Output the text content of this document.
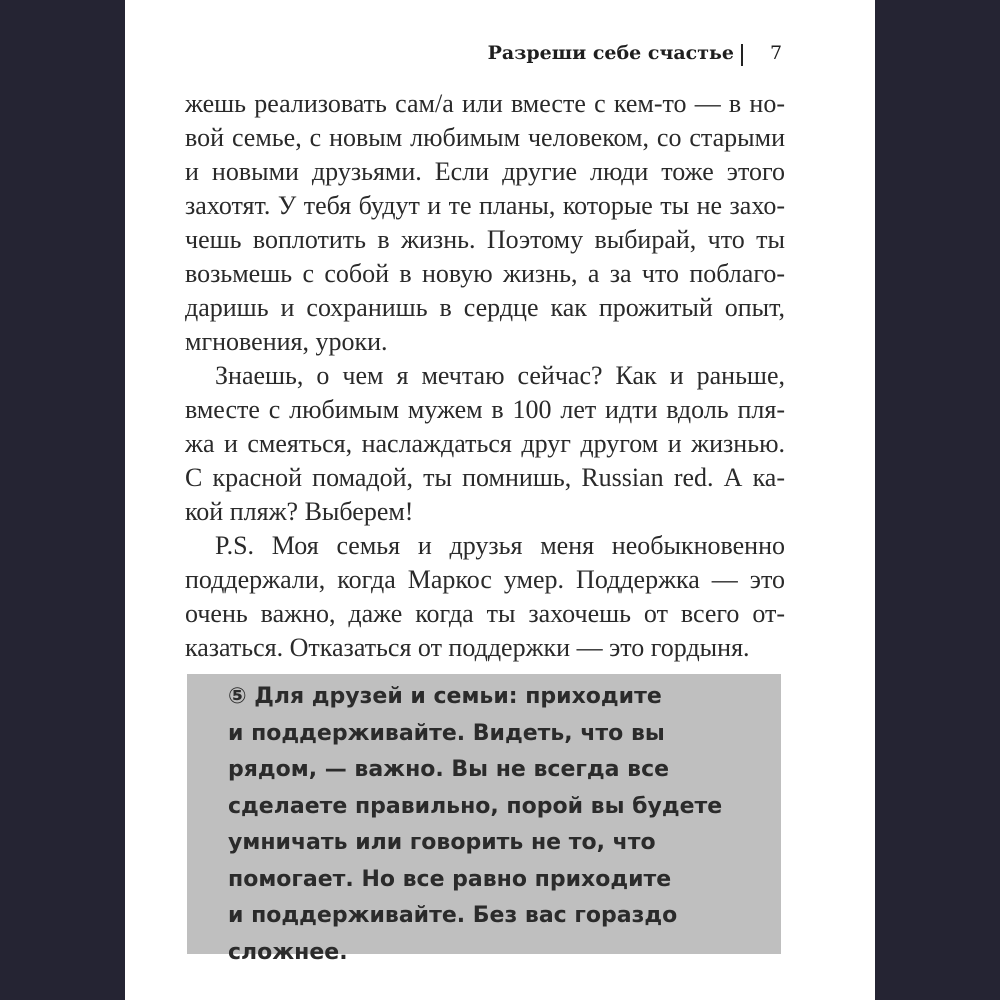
Разреши себе счастье 7
жешь реализовать сам/а или вместе с кем-то — в но-
вой семье, с новым любимым человеком, со старыми
и новыми друзьями. Если другие люди тоже этого
захотят. У тебя будут и те планы, которые ты не захо-
чешь воплотить в жизнь. Поэтому выбирай, что ты
возьмешь с собой в новую жизнь, а за что поблаго-
даришь и сохранишь в сердце как прожитый опыт,
мгновения, уроки.
Знаешь, о чем я мечтаю сейчас? Как и раньше,
вместе с любимым мужем в 100 лет идти вдоль пля-
жа и смеяться, наслаждаться друг другом и жизнью.
С красной помадой, ты помнишь, Russian red. А ка-
кой пляж? Выберем!
P.S. Моя семья и друзья меня необыкновенно
поддержали, когда Маркос умер. Поддержка — это
очень важно, даже когда ты захочешь от всего от-
казаться. Отказаться от поддержки — это гордыня.
⑤ Для друзей и семьи: приходите
и поддерживайте. Видеть, что вы
рядом, — важно. Вы не всегда все
сделаете правильно, порой вы будете
умничать или говорить не то, что
помогает. Но все равно приходите
и поддерживайте. Без вас гораздо
сложнее.
